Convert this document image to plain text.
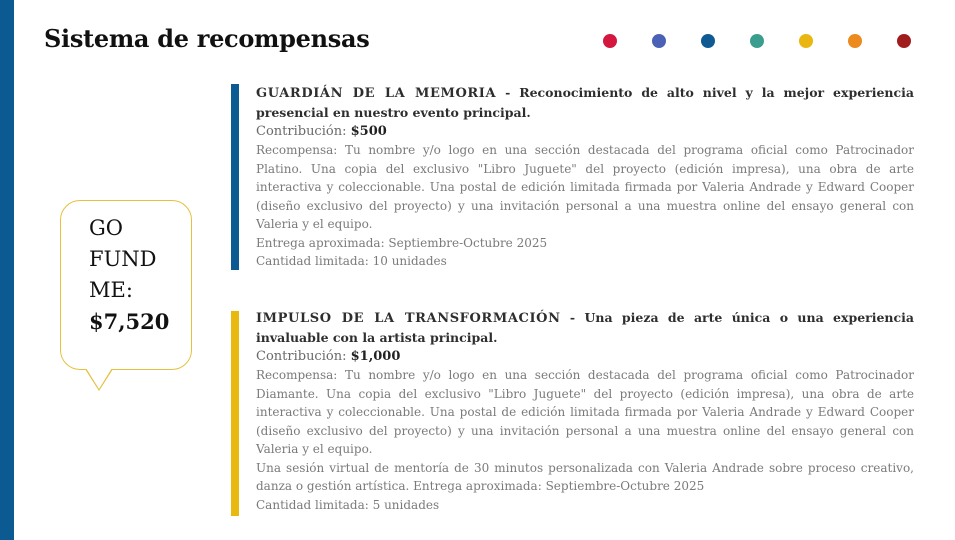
Sistema de recompensas
GO
FUND
ME:
$7,520

GUARDIÁN DE LA MEMORIA - Reconocimiento de alto nivel y la mejor experiencia presencial en nuestro evento principal.

Contribución: $500

Recompensa: Tu nombre y/o logo en una sección destacada del programa oficial como Patrocinador Platino. Una copia del exclusivo "Libro Juguete" del proyecto (edición impresa), una obra de arte interactiva y coleccionable. Una postal de edición limitada firmada por Valeria Andrade y Edward Cooper (diseño exclusivo del proyecto) y una invitación personal a una muestra online del ensayo general con Valeria y el equipo.

Entrega aproximada: Septiembre-Octubre 2025

Cantidad limitada: 10 unidades

IMPULSO DE LA TRANSFORMACIÓN - Una pieza de arte única o una experiencia invaluable con la artista principal.

Contribución: $1,000

Recompensa: Tu nombre y/o logo en una sección destacada del programa oficial como Patrocinador Diamante. Una copia del exclusivo "Libro Juguete" del proyecto (edición impresa), una obra de arte interactiva y coleccionable. Una postal de edición limitada firmada por Valeria Andrade y Edward Cooper (diseño exclusivo del proyecto) y una invitación personal a una muestra online del ensayo general con Valeria y el equipo.

Una sesión virtual de mentoría de 30 minutos personalizada con Valeria Andrade sobre proceso creativo, danza o gestión artística. Entrega aproximada: Septiembre-Octubre 2025

Cantidad limitada: 5 unidades
